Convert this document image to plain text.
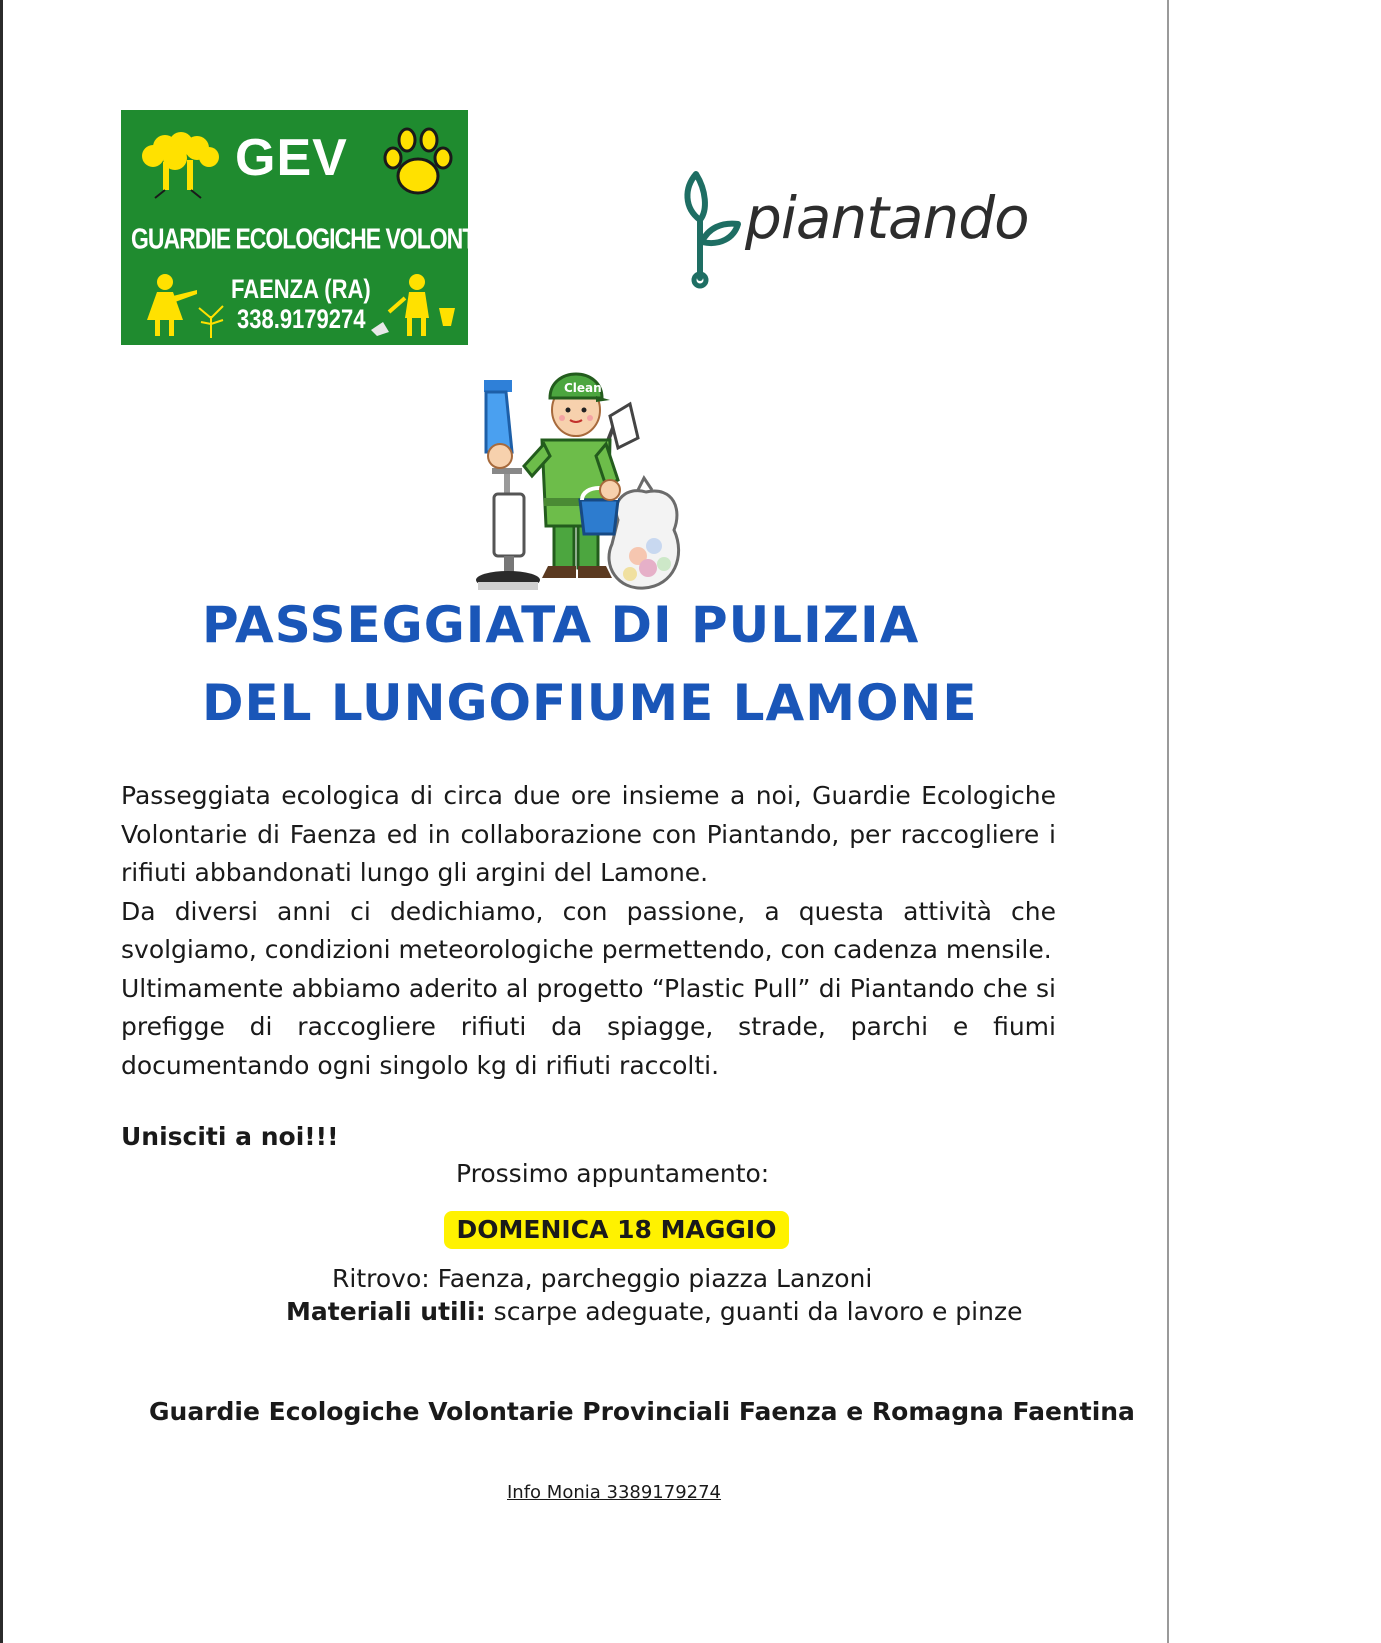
GEV
GUARDIE ECOLOGICHE VOLONTARIE
FAENZA (RA)
338.9179274
piantando
Clean
PASSEGGIATA DI PULIZIA
DEL LUNGOFIUME LAMONE

Passeggiata ecologica di circa due ore insieme a noi, Guardie Ecologiche Volontarie di Faenza ed in collaborazione con Piantando, per raccogliere i rifiuti abbandonati lungo gli argini del Lamone.

Da diversi anni ci dedichiamo, con passione, a questa attività che svolgiamo, condizioni meteorologiche permettendo, con cadenza mensile.

Ultimamente abbiamo aderito al progetto “Plastic Pull” di Piantando che si prefigge di raccogliere rifiuti da spiagge, strade, parchi e fiumi documentando ogni singolo kg di rifiuti raccolti.

Unisciti a noi!!!
Prossimo appuntamento:
DOMENICA 18 MAGGIO
Ritrovo: Faenza, parcheggio piazza Lanzoni
Materiali utili: scarpe adeguate, guanti da lavoro e pinze
Guardie Ecologiche Volontarie Provinciali Faenza e Romagna Faentina
Info Monia 3389179274
